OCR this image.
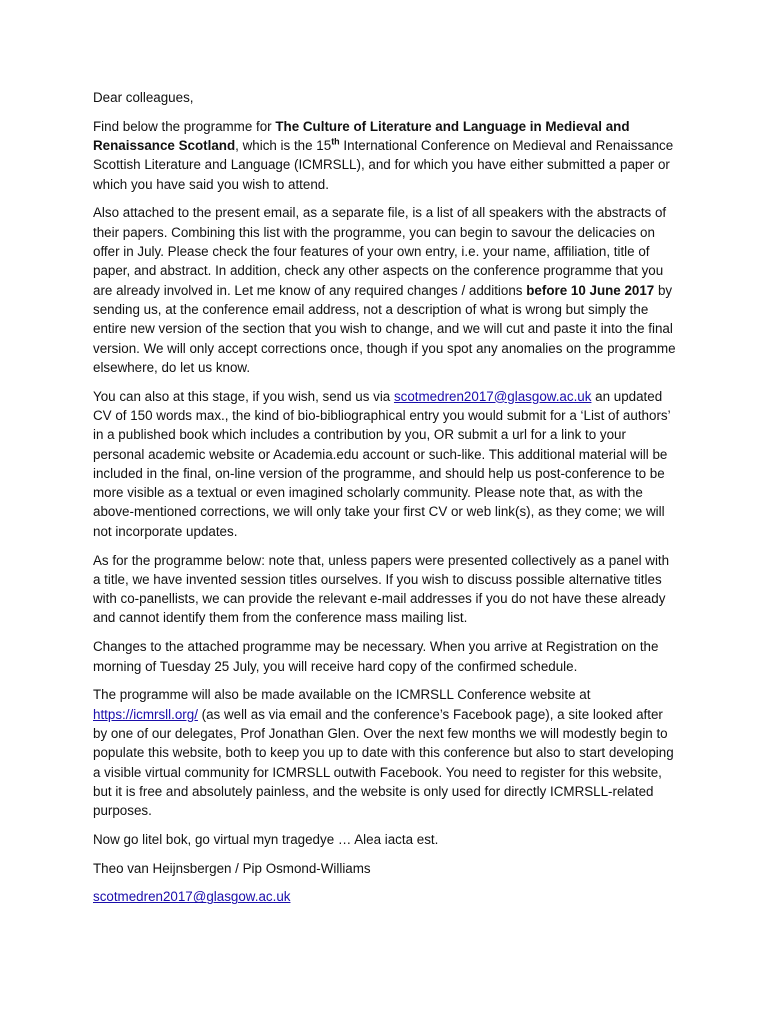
Dear colleagues,

Find below the programme for The Culture of Literature and Language in Medieval and Renaissance Scotland, which is the 15th International Conference on Medieval and Renaissance Scottish Literature and Language (ICMRSLL), and for which you have either submitted a paper or which you have said you wish to attend.

Also attached to the present email, as a separate file, is a list of all speakers with the abstracts of their papers. Combining this list with the programme, you can begin to savour the delicacies on offer in July. Please check the four features of your own entry, i.e. your name, affiliation, title of paper, and abstract. In addition, check any other aspects on the conference programme that you are already involved in. Let me know of any required changes / additions before 10 June 2017 by sending us, at the conference email address, not a description of what is wrong but simply the entire new version of the section that you wish to change, and we will cut and paste it into the final version. We will only accept corrections once, though if you spot any anomalies on the programme elsewhere, do let us know.

You can also at this stage, if you wish, send us via scotmedren2017@glasgow.ac.uk an updated CV of 150 words max., the kind of bio-bibliographical entry you would submit for a ‘List of authors’ in a published book which includes a contribution by you, OR submit a url for a link to your personal academic website or Academia.edu account or such-like. This additional material will be included in the final, on-line version of the programme, and should help us post-conference to be more visible as a textual or even imagined scholarly community. Please note that, as with the above-mentioned corrections, we will only take your first CV or web link(s), as they come; we will not incorporate updates.

As for the programme below: note that, unless papers were presented collectively as a panel with a title, we have invented session titles ourselves. If you wish to discuss possible alternative titles with co-panellists, we can provide the relevant e-mail addresses if you do not have these already and cannot identify them from the conference mass mailing list.

Changes to the attached programme may be necessary. When you arrive at Registration on the morning of Tuesday 25 July, you will receive hard copy of the confirmed schedule.

The programme will also be made available on the ICMRSLL Conference website at https://icmrsll.org/ (as well as via email and the conference’s Facebook page), a site looked after by one of our delegates, Prof Jonathan Glen. Over the next few months we will modestly begin to populate this website, both to keep you up to date with this conference but also to start developing a visible virtual community for ICMRSLL outwith Facebook. You need to register for this website, but it is free and absolutely painless, and the website is only used for directly ICMRSLL-related purposes.

Now go litel bok, go virtual myn tragedye … Alea iacta est.

Theo van Heijnsbergen / Pip Osmond-Williams

scotmedren2017@glasgow.ac.uk
